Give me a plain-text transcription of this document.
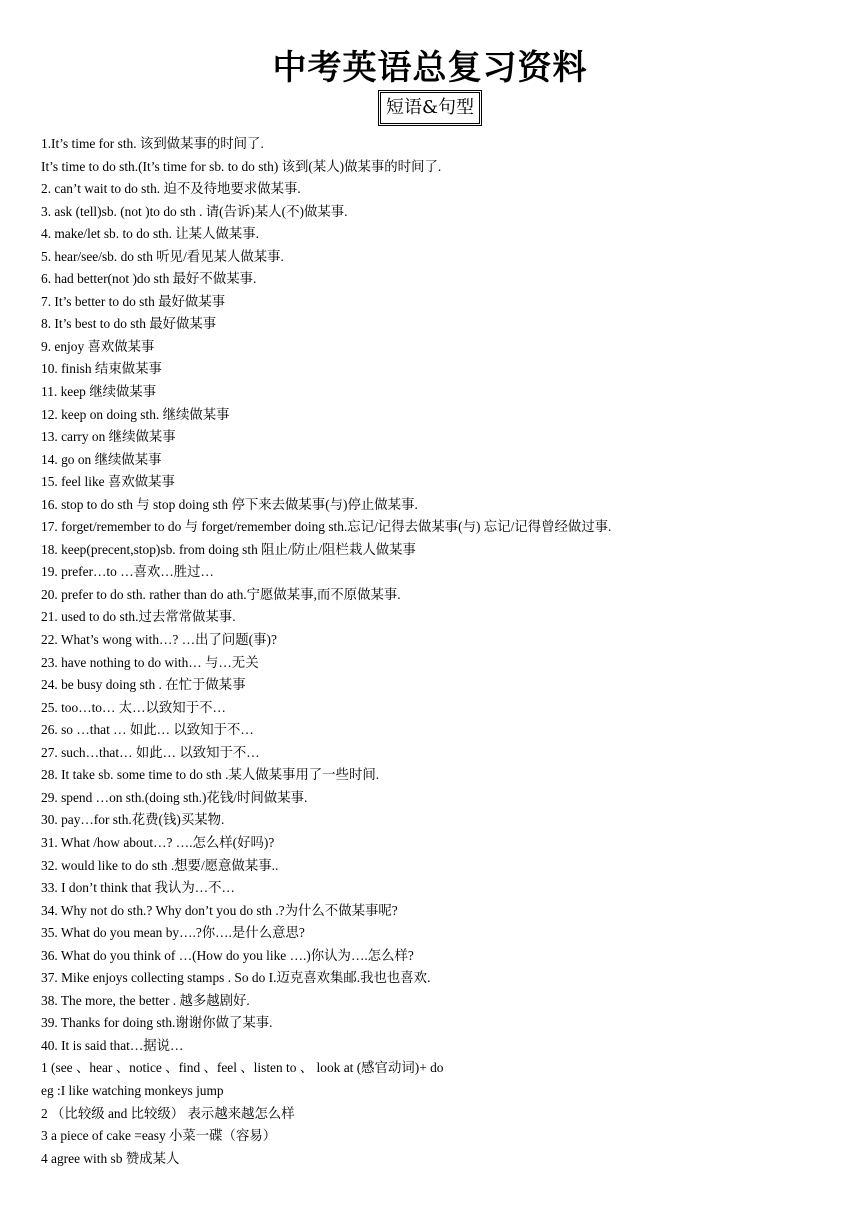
中考英语总复习资料
短语&句型
1.It’s time for sth. 该到做某事的时间了.
It’s time to do sth.(It’s time for sb. to do sth) 该到(某人)做某事的时间了.
2. can’t wait to do sth. 迫不及待地要求做某事.
3. ask (tell)sb. (not )to do sth . 请(告诉)某人(不)做某事.
4. make/let sb. to do sth. 让某人做某事.
5. hear/see/sb. do sth 听见/看见某人做某事.
6. had better(not )do sth 最好不做某事.
7. It’s better to do sth 最好做某事
8. It’s best to do sth 最好做某事
9. enjoy 喜欢做某事
10. finish 结束做某事
11. keep 继续做某事
12. keep on doing sth. 继续做某事
13. carry on 继续做某事
14. go on 继续做某事
15. feel like 喜欢做某事
16. stop to do sth 与 stop doing sth 停下来去做某事(与)停止做某事.
17. forget/remember to do 与 forget/remember doing sth.忘记/记得去做某事(与) 忘记/记得曾经做过事.
18. keep(precent,stop)sb. from doing sth 阻止/防止/阻栏栽人做某事
19. prefer…to …喜欢…胜过…
20. prefer to do sth. rather than do ath.宁愿做某事,而不原做某事.
21. used to do sth.过去常常做某事.
22. What’s wong with…? …出了问题(事)?
23. have nothing to do with… 与…无关
24. be busy doing sth . 在忙于做某事
25. too…to… 太…以致知于不…
26. so …that … 如此… 以致知于不…
27. such…that… 如此… 以致知于不…
28. It take sb. some time to do sth .某人做某事用了一些时间.
29. spend …on sth.(doing sth.)花钱/时间做某事.
30. pay…for sth.花费(钱)买某物.
31. What /how about…? ….怎么样(好吗)?
32. would like to do sth .想要/愿意做某事..
33. I don’t think that 我认为…不…
34. Why not do sth.? Why don’t you do sth .?为什么不做某事呢?
35. What do you mean by….?你….是什么意思?
36. What do you think of …(How do you like ….)你认为….怎么样?
37. Mike enjoys collecting stamps . So do I.迈克喜欢集邮.我也也喜欢.
38. The more, the better . 越多越剧好.
39. Thanks for doing sth.谢谢你做了某事.
40. It is said that…据说…
1 (see 、hear 、notice 、find 、feel 、listen to 、 look at (感官动词)+ do
eg :I like watching monkeys jump
2 （比较级 and 比较级） 表示越来越怎么样
3 a piece of cake =easy 小菜一碟（容易）
4 agree with sb 赞成某人
